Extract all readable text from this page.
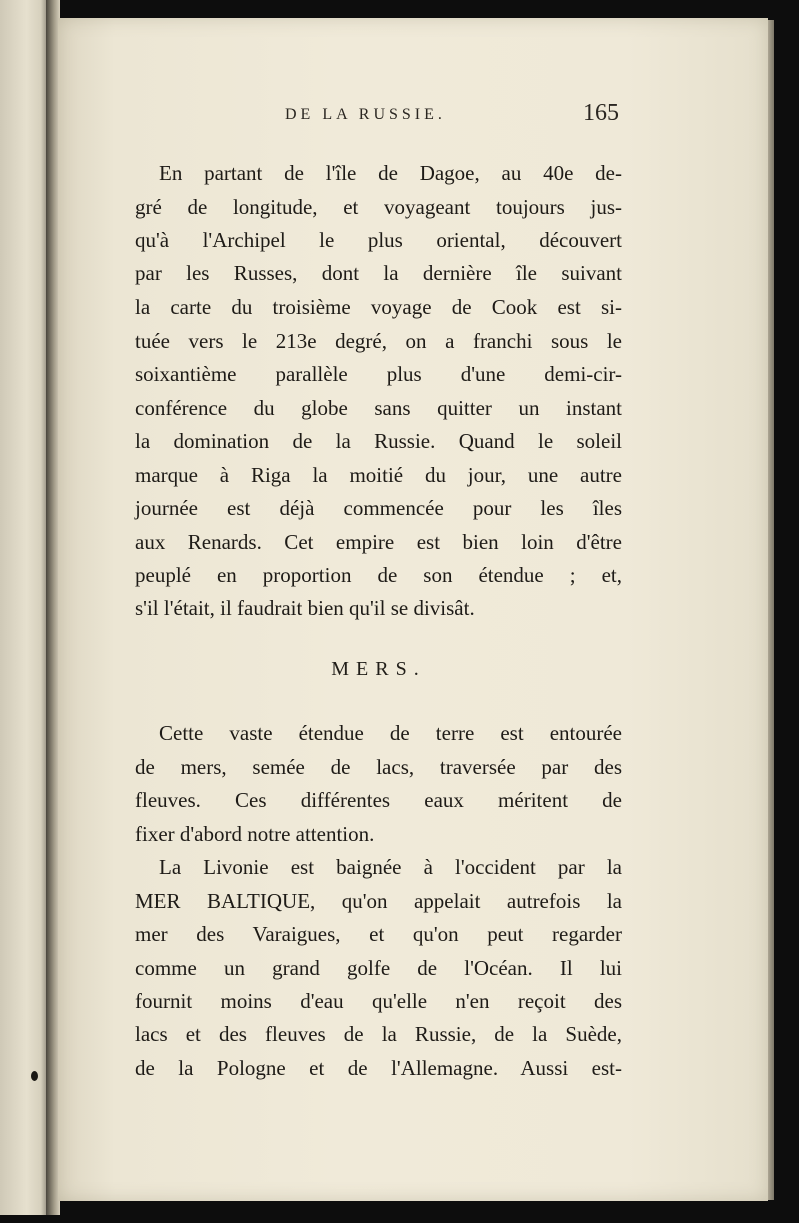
DE LA RUSSIE.	165
En partant de l'île de Dagoe, au 40e de-
gré de longitude, et voyageant toujours jus-
qu'à l'Archipel le plus oriental, découvert
par les Russes, dont la dernière île suivant
la carte du troisième voyage de Cook est si-
tuée vers le 213e degré, on a franchi sous le
soixantième parallèle plus d'une demi-cir-
conférence du globe sans quitter un instant
la domination de la Russie. Quand le soleil
marque à Riga la moitié du jour, une autre
journée est déjà commencée pour les îles
aux Renards. Cet empire est bien loin d'être
peuplé en proportion de son étendue ; et,
s'il l'était, il faudrait bien qu'il se divisât.
MERS.
Cette vaste étendue de terre est entourée
de mers, semée de lacs, traversée par des
fleuves. Ces différentes eaux méritent de
fixer d'abord notre attention.
La Livonie est baignée à l'occident par la
MER BALTIQUE, qu'on appelait autrefois la
mer des Varaigues, et qu'on peut regarder
comme un grand golfe de l'Océan. Il lui
fournit moins d'eau qu'elle n'en reçoit des
lacs et des fleuves de la Russie, de la Suède,
de la Pologne et de l'Allemagne. Aussi est-
